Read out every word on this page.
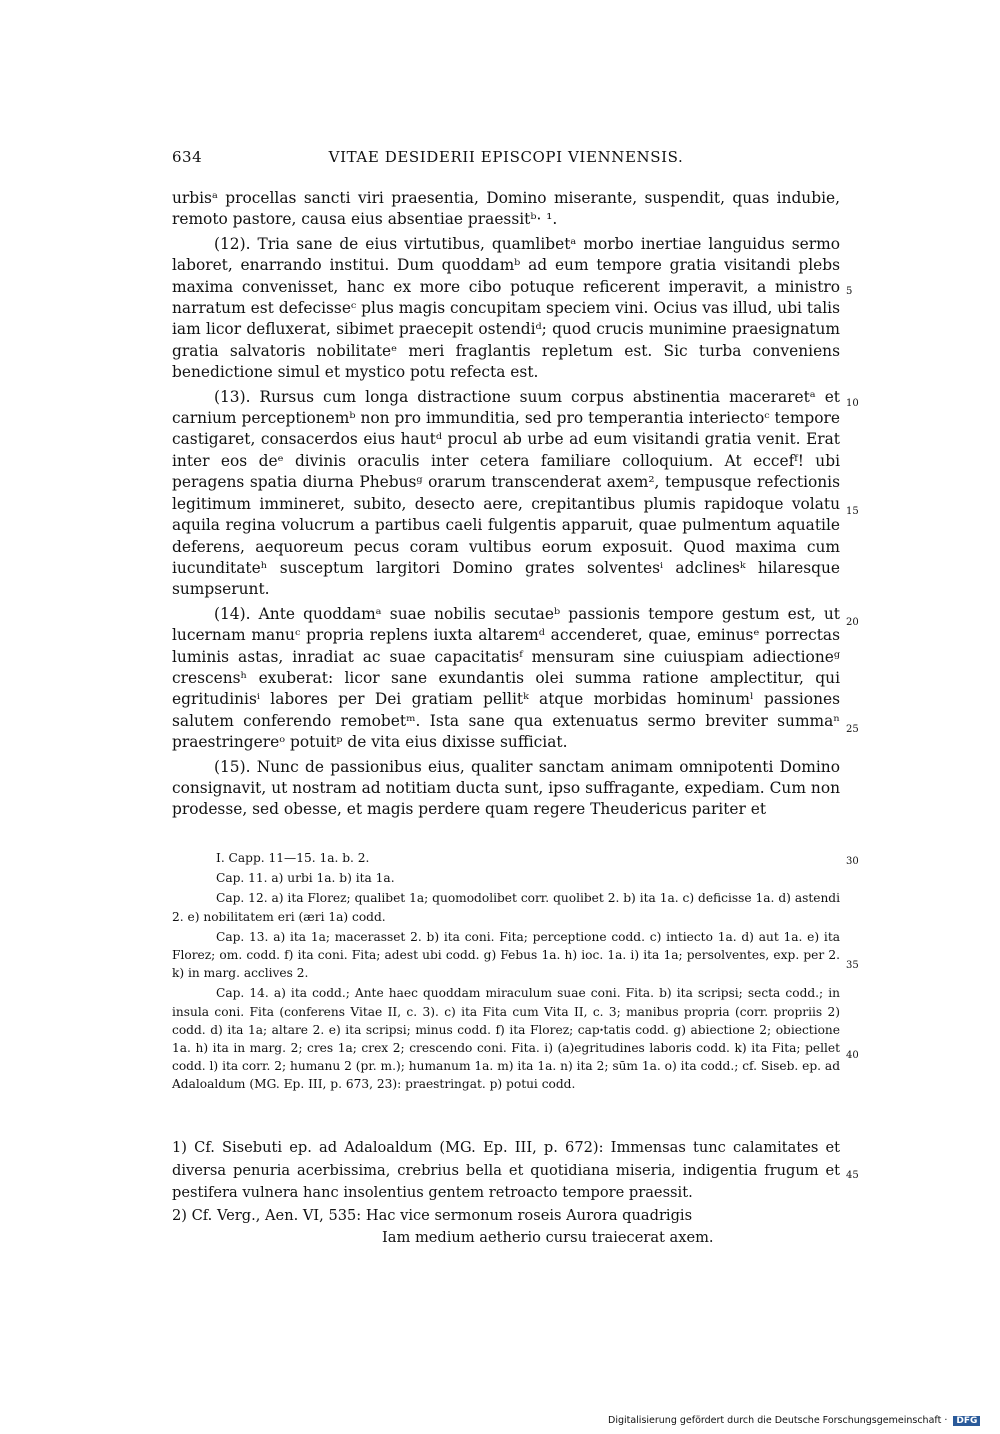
634	VITAE DESIDERII EPISCOPI VIENNENSIS.

urbisᵃ procellas sancti viri praesentia, Domino miserante, suspendit, quas indubie, remoto pastore, causa eius absentiae praessitᵇ· ¹.

(12). Tria sane de eius virtutibus, quamlibetᵃ morbo inertiae languidus sermo laboret, enarrando institui. Dum quoddamᵇ ad eum tempore gratia visitandi plebs maxima convenisset, hanc ex more cibo potuque reficerent imperavit, a ministro narratum est defecisseᶜ plus magis concupitam speciem vini. Ocius vas illud, ubi talis iam licor defluxerat, sibimet praecepit ostendiᵈ; quod crucis munimine praesignatum gratia salvatoris nobilitateᵉ meri fraglantis repletum est. Sic turba conveniens benedictione simul et mystico potu refecta est.

(13). Rursus cum longa distractione suum corpus abstinentia maceraretᵃ et carnium perceptionemᵇ non pro immunditia, sed pro temperantia interiectoᶜ tempore castigaret, consacerdos eius hautᵈ procul ab urbe ad eum visitandi gratia venit. Erat inter eos deᵉ divinis oraculis inter cetera familiare colloquium. At eccefᶠ! ubi peragens spatia diurna Phebusᵍ orarum transcenderat axem², tempusque refectionis legitimum immineret, subito, desecto aere, crepitantibus plumis rapidoque volatu aquila regina volucrum a partibus caeli fulgentis apparuit, quae pulmentum aquatile deferens, aequoreum pecus coram vultibus eorum exposuit. Quod maxima cum iucunditateʰ susceptum largitori Domino grates solventesⁱ adclinesᵏ hilaresque sumpserunt.

(14). Ante quoddamᵃ suae nobilis secutaeᵇ passionis tempore gestum est, ut lucernam manuᶜ propria replens iuxta altaremᵈ accenderet, quae, eminusᵉ porrectas luminis astas, inradiat ac suae capacitatisᶠ mensuram sine cuiuspiam adiectioneᵍ crescensʰ exuberat: licor sane exundantis olei summa ratione amplectitur, qui egritudinisⁱ labores per Dei gratiam pellitᵏ atque morbidas hominumˡ passiones salutem conferendo remobetᵐ. Ista sane qua extenuatus sermo breviter summaⁿ praestringereᵒ potuitᵖ de vita eius dixisse sufficiat.

(15). Nunc de passionibus eius, qualiter sanctam animam omnipotenti Domino consignavit, ut nostram ad notitiam ducta sunt, ipso suffragante, expediam. Cum non prodesse, sed obesse, et magis perdere quam regere Theudericus pariter et

5
10
15
20
25
30
35
40
45

I. Capp. 11—15. 1a. b. 2.

Cap. 11. a) urbi 1a. b) ita 1a.

Cap. 12. a) ita Florez; qualibet 1a; quomodolibet corr. quolibet 2. b) ita 1a. c) deficisse 1a. d) astendi 2. e) nobilitatem eri (æri 1a) codd.

Cap. 13. a) ita 1a; macerasset 2. b) ita coni. Fita; perceptione codd. c) intiecto 1a. d) aut 1a. e) ita Florez; om. codd. f) ita coni. Fita; adest ubi codd. g) Febus 1a. h) ioc. 1a. i) ita 1a; persolventes, exp. per 2. k) in marg. acclives 2.

Cap. 14. a) ita codd.; Ante haec quoddam miraculum suae coni. Fita. b) ita scripsi; secta codd.; in insula coni. Fita (conferens Vitae II, c. 3). c) ita Fita cum Vita II, c. 3; manibus propria (corr. propriis 2) codd. d) ita 1a; altare 2. e) ita scripsi; minus codd. f) ita Florez; capꞏtatis codd. g) abiectione 2; obiectione 1a. h) ita in marg. 2; cres 1a; crex 2; crescendo coni. Fita. i) (a)egritudines laboris codd. k) ita Fita; pellet codd. l) ita corr. 2; humanu 2 (pr. m.); humanum 1a. m) ita 1a. n) ita 2; sūm 1a. o) ita codd.; cf. Siseb. ep. ad Adaloaldum (MG. Ep. III, p. 673, 23): praestringat. p) potui codd.

1) Cf. Sisebuti ep. ad Adaloaldum (MG. Ep. III, p. 672): Immensas tunc calamitates et diversa penuria acerbissima, crebrius bella et quotidiana miseria, indigentia frugum et pestifera vulnera hanc insolentius gentem retroacto tempore praessit.

2) Cf. Verg., Aen. VI, 535: Hac vice sermonum roseis Aurora quadrigis

Iam medium aetherio cursu traiecerat axem.

Digitalisierung gefördert durch die Deutsche Forschungsgemeinschaft · DFG
